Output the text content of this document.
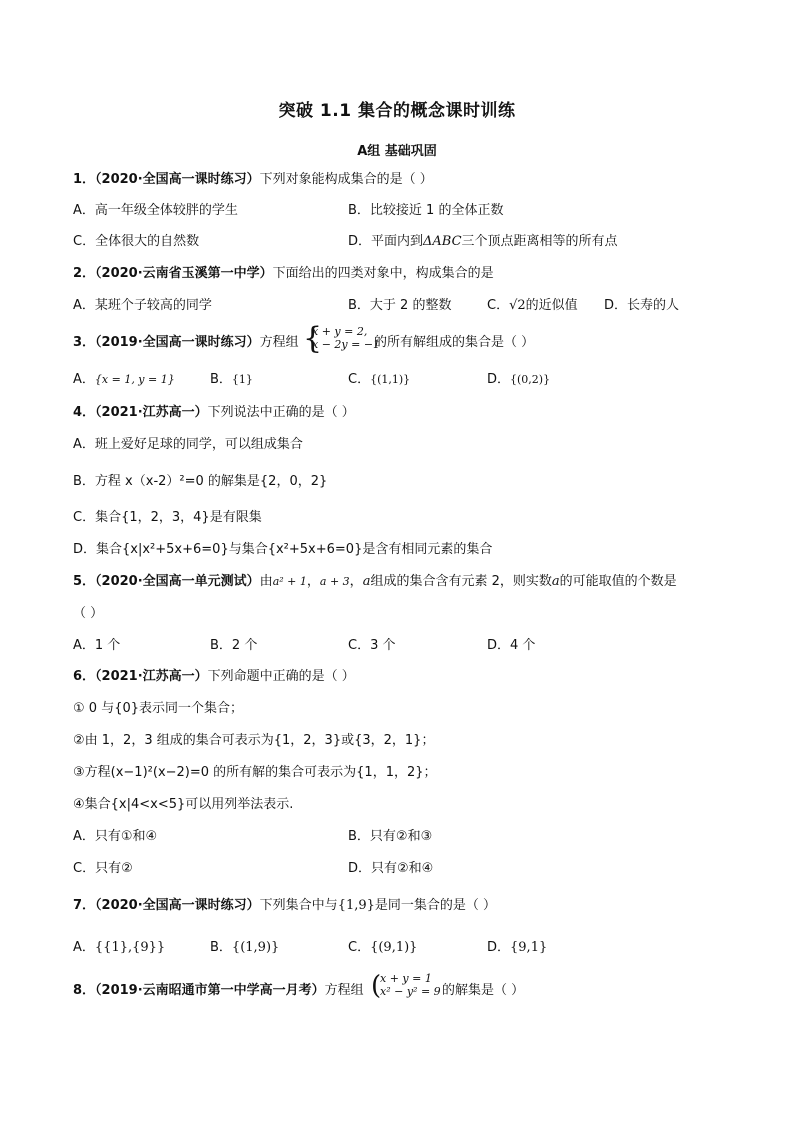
突破 1.1 集合的概念课时训练
A组 基础巩固
1．（2020·全国高一课时练习）下列对象能构成集合的是（ ）
A．高一年级全体较胖的学生	B．比较接近 1 的全体正数
C．全体很大的自然数	D．平面内到ΔABC三个顶点距离相等的所有点
2．（2020·云南省玉溪第一中学）下面给出的四类对象中，构成集合的是
A．某班个子较高的同学	B．大于 2 的整数	C．√2的近似值 D．长寿的人
3．（2019·全国高一课时练习）方程组 {
x + y = 2,
x − 2y = −1
的所有解组成的集合是（ ）
A．{x = 1, y = 1}	B．{1}	C．{(1,1)}	D．{(0,2)}
4．（2021·江苏高一）下列说法中正确的是（ ）
A．班上爱好足球的同学，可以组成集合
B．方程 x（x-2）²=0 的解集是{2，0，2}
C．集合{1，2，3，4}是有限集
D．集合{x|x²+5x+6=0}与集合{x²+5x+6=0}是含有相同元素的集合
5．（2020·全国高一单元测试）由a² + 1，a + 3，a组成的集合含有元素 2，则实数a的可能取值的个数是
（ ）
A．1 个	B．2 个	C．3 个	D．4 个
6．（2021·江苏高一）下列命题中正确的是（ ）
① 0 与{0}表示同一个集合；
②由 1，2，3 组成的集合可表示为{1，2，3}或{3，2，1}；
③方程(x−1)²(x−2)=0 的所有解的集合可表示为{1，1，2}；
④集合{x|4<x<5}可以用列举法表示.
A．只有①和④	B．只有②和③
C．只有②	D．只有②和④
7．（2020·全国高一课时练习）下列集合中与{1,9}是同一集合的是（ ）
A．{{1},{9}}	B．{(1,9)}	C．{(9,1)}	D．{9,1}
8．（2019·云南昭通市第一中学高一月考）方程组 (
x + y = 1
x² − y² = 9 的解集是（ ）
